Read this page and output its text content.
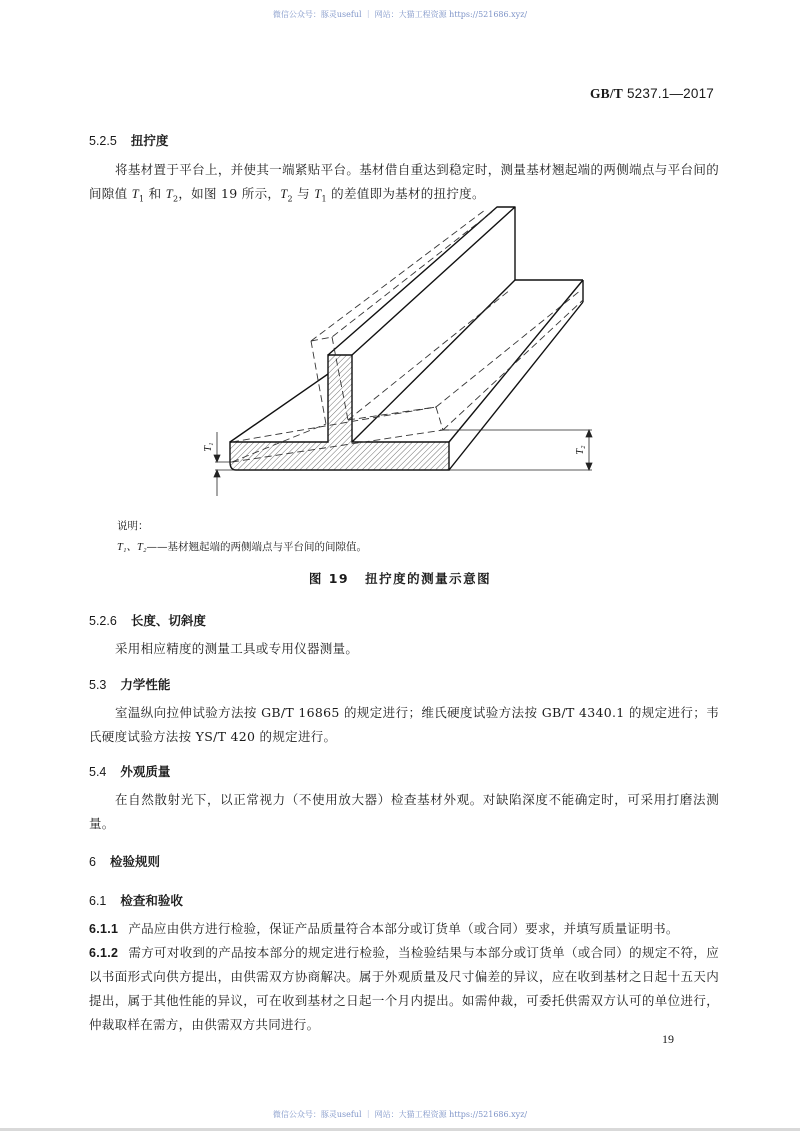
微信公众号：豚灵useful ｜ 网站：大猫工程资源 https://521686.xyz/
GB/T 5237.1—2017
5.2.5 扭拧度
将基材置于平台上，并使其一端紧贴平台。基材借自重达到稳定时，测量基材翘起端的两侧端点与平台间的间隙值 $T_1$ 和 $T_2$，如图 19 所示，$T_2$ 与 $T_1$ 的差值即为基材的扭拧度。
T₁	T₂
说明：
T₁、T₂——基材翘起端的两侧端点与平台间的间隙值。
图 19 扭拧度的测量示意图
5.2.6 长度、切斜度
采用相应精度的测量工具或专用仪器测量。
5.3 力学性能
室温纵向拉伸试验方法按 GB/T 16865 的规定进行；维氏硬度试验方法按 GB/T 4340.1 的规定进行；韦氏硬度试验方法按 YS/T 420 的规定进行。
5.4 外观质量
在自然散射光下，以正常视力（不使用放大器）检查基材外观。对缺陷深度不能确定时，可采用打磨法测量。
6 检验规则
6.1 检查和验收
6.1.1 产品应由供方进行检验，保证产品质量符合本部分或订货单（或合同）要求，并填写质量证明书。
6.1.2 需方可对收到的产品按本部分的规定进行检验，当检验结果与本部分或订货单（或合同）的规定不符，应以书面形式向供方提出，由供需双方协商解决。属于外观质量及尺寸偏差的异议，应在收到基材之日起十五天内提出，属于其他性能的异议，可在收到基材之日起一个月内提出。如需仲裁，可委托供需双方认可的单位进行，仲裁取样在需方，由供需双方共同进行。
19
微信公众号：豚灵useful ｜ 网站：大猫工程资源 https://521686.xyz/
